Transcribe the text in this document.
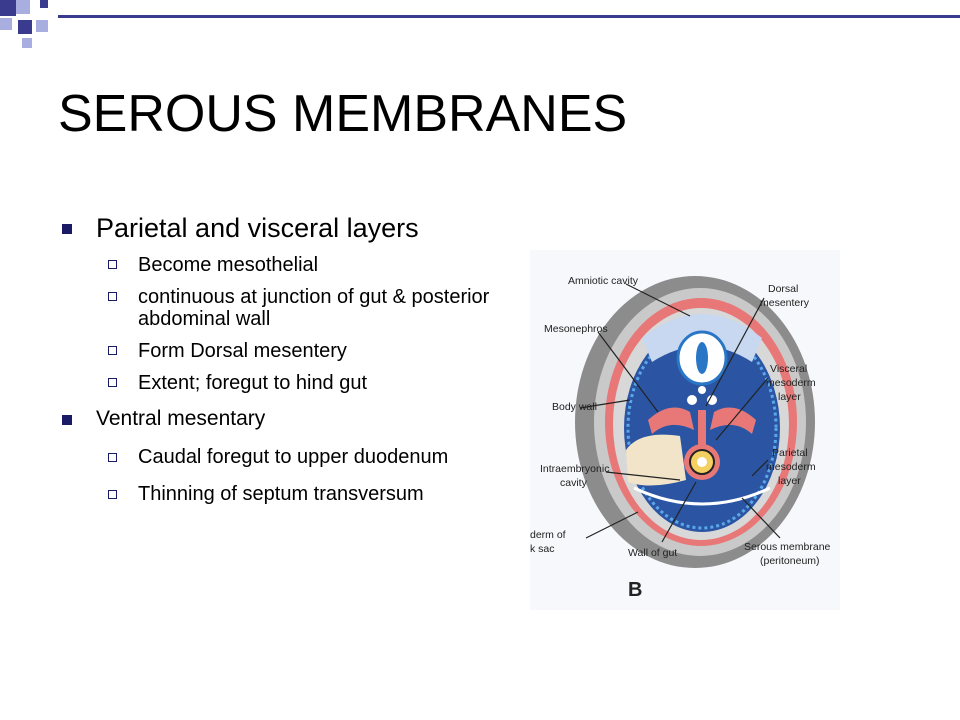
SEROUS MEMBRANES
Parietal and visceral layers
Become mesothelial
continuous at junction of gut & posterior abdominal wall
Form Dorsal mesentery
Extent; foregut to hind gut
Ventral mesentary
Caudal foregut to upper duodenum
Thinning of septum transversum
Amniotic cavity
Mesonephros
Body wall
Intraembryonic
cavity
derm of
k sac	Wall of gut
Dorsal
mesentery
Visceral
mesoderm
layer
Parietal
mesoderm
layer
Serous membrane
(peritoneum)
B
